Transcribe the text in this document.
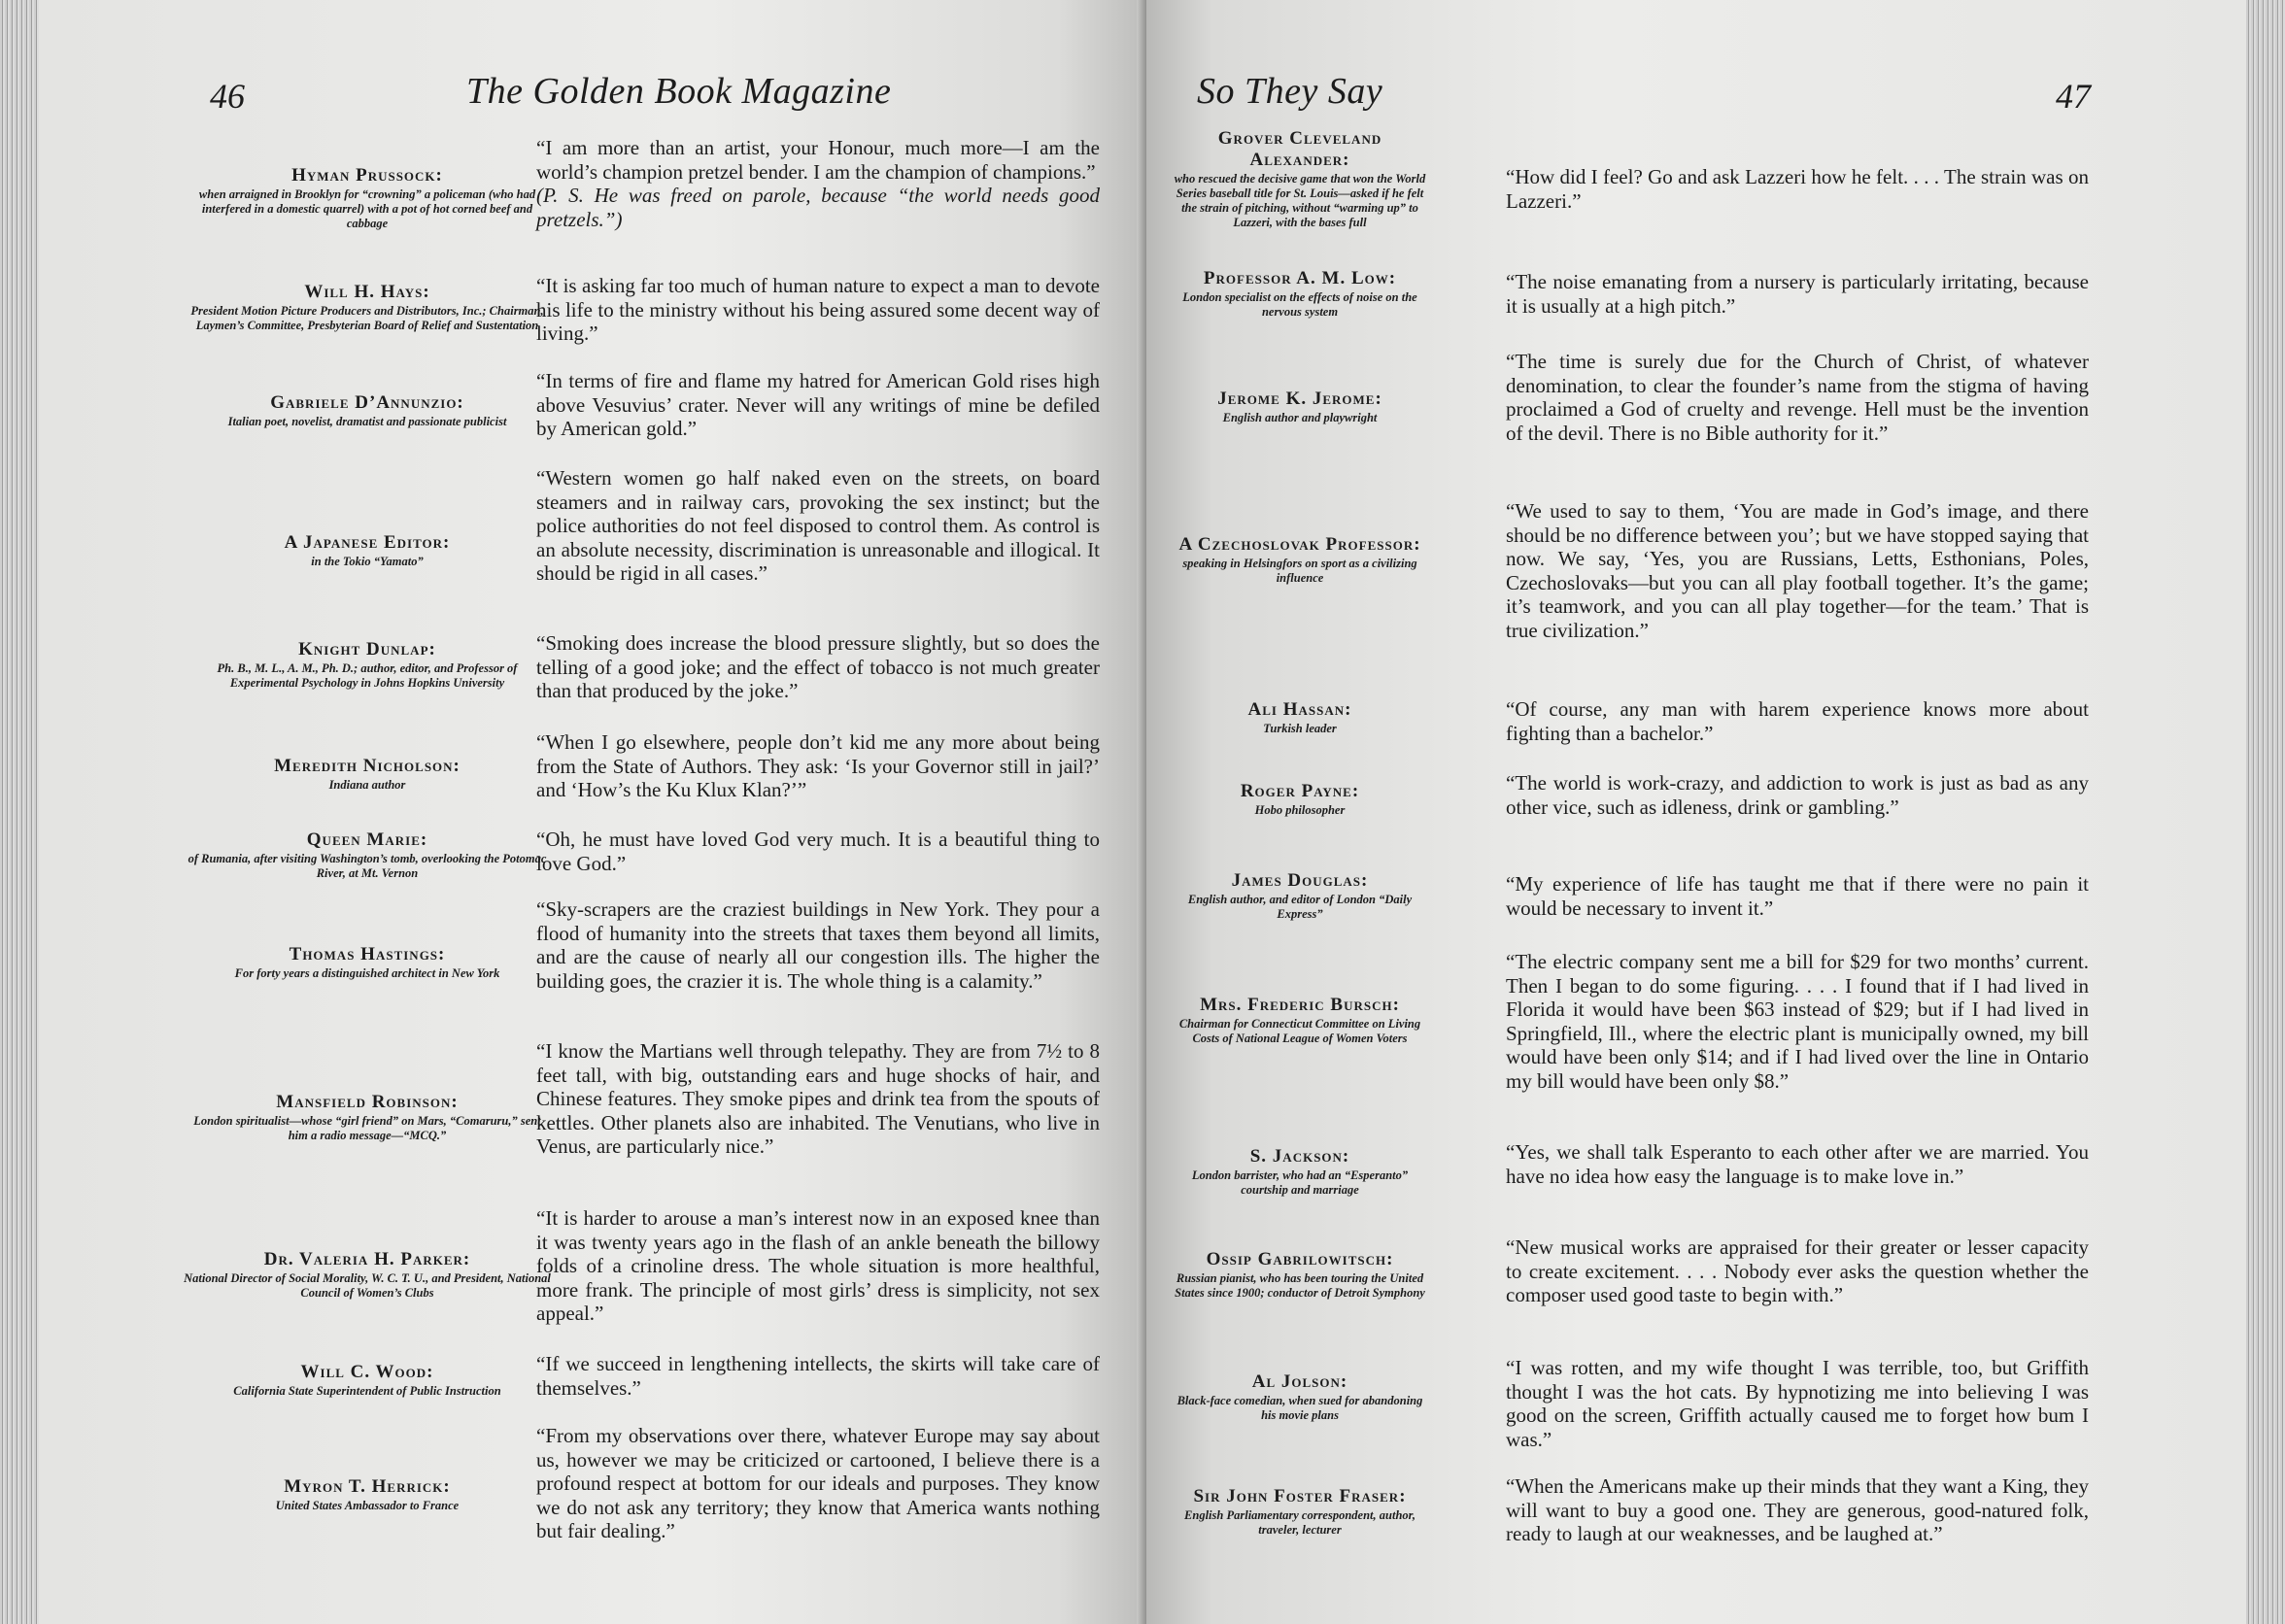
46	The Golden Book Magazine
Hyman Prussock:
when arraigned in Brooklyn for “crowning” a policeman (who had interfered in a domestic quarrel) with a pot of hot corned beef and cabbage
“I am more than an artist, your Honour, much more—I am the world’s champion pretzel bender. I am the champion of champions.”
(P. S. He was freed on parole, because “the world needs good pretzels.”)
Will H. Hays:
President Motion Picture Producers and Distributors, Inc.; Chairman, Laymen’s Committee, Presbyterian Board of Relief and Sustentation
“It is asking far too much of human nature to expect a man to devote his life to the ministry without his being assured some decent way of living.”
Gabriele D’Annunzio:
Italian poet, novelist, dramatist and passionate publicist
“In terms of fire and flame my hatred for American Gold rises high above Vesuvius’ crater. Never will any writings of mine be defiled by American gold.”
A Japanese Editor:
in the Tokio “Yamato”
“Western women go half naked even on the streets, on board steamers and in railway cars, provoking the sex instinct; but the police authorities do not feel disposed to control them. As control is an absolute necessity, discrimination is unreasonable and illogical. It should be rigid in all cases.”
Knight Dunlap:
Ph. B., M. L., A. M., Ph. D.; author, editor, and Professor of Experimental Psychology in Johns Hopkins University
“Smoking does increase the blood pressure slightly, but so does the telling of a good joke; and the effect of tobacco is not much greater than that produced by the joke.”
Meredith Nicholson:
Indiana author
“When I go elsewhere, people don’t kid me any more about being from the State of Authors. They ask: ‘Is your Governor still in jail?’ and ‘How’s the Ku Klux Klan?’”
Queen Marie:
of Rumania, after visiting Washington’s tomb, overlooking the Potomac River, at Mt. Vernon
“Oh, he must have loved God very much. It is a beautiful thing to love God.”
Thomas Hastings:
For forty years a distinguished architect in New York
“Sky-scrapers are the craziest buildings in New York. They pour a flood of humanity into the streets that taxes them beyond all limits, and are the cause of nearly all our congestion ills. The higher the building goes, the crazier it is. The whole thing is a calamity.”
Mansfield Robinson:
London spiritualist—whose “girl friend” on Mars, “Comaruru,” sent him a radio message—“MCQ.”
“I know the Martians well through telepathy. They are from 7½ to 8 feet tall, with big, outstanding ears and huge shocks of hair, and Chinese features. They smoke pipes and drink tea from the spouts of kettles. Other planets also are inhabited. The Venutians, who live in Venus, are particularly nice.”
Dr. Valeria H. Parker:
National Director of Social Morality, W. C. T. U., and President, National Council of Women’s Clubs
“It is harder to arouse a man’s interest now in an exposed knee than it was twenty years ago in the flash of an ankle beneath the billowy folds of a crinoline dress. The whole situation is more healthful, more frank. The principle of most girls’ dress is simplicity, not sex appeal.”
Will C. Wood:
California State Superintendent of Public Instruction
“If we succeed in lengthening intellects, the skirts will take care of themselves.”
Myron T. Herrick:
United States Ambassador to France
“From my observations over there, whatever Europe may say about us, however we may be criticized or cartooned, I believe there is a profound respect at bottom for our ideals and purposes. They know we do not ask any territory; they know that America wants nothing but fair dealing.”
So They Say	47
Grover Cleveland Alexander:
who rescued the decisive game that won the World Series baseball title for St. Louis—asked if he felt the strain of pitching, without “warming up” to Lazzeri, with the bases full
“How did I feel? Go and ask Lazzeri how he felt. . . . The strain was on Lazzeri.”
Professor A. M. Low:
London specialist on the effects of noise on the nervous system
“The noise emanating from a nursery is particularly irritating, because it is usually at a high pitch.”
Jerome K. Jerome:
English author and playwright
“The time is surely due for the Church of Christ, of whatever denomination, to clear the founder’s name from the stigma of having proclaimed a God of cruelty and revenge. Hell must be the invention of the devil. There is no Bible authority for it.”
A Czechoslovak Professor:
speaking in Helsingfors on sport as a civilizing influence
“We used to say to them, ‘You are made in God’s image, and there should be no difference between you’; but we have stopped saying that now. We say, ‘Yes, you are Russians, Letts, Esthonians, Poles, Czechoslovaks—but you can all play football together. It’s the game; it’s teamwork, and you can all play together—for the team.’ That is true civilization.”
Ali Hassan:
Turkish leader
“Of course, any man with harem experience knows more about fighting than a bachelor.”
Roger Payne:
Hobo philosopher
“The world is work-crazy, and addiction to work is just as bad as any other vice, such as idleness, drink or gambling.”
James Douglas:
English author, and editor of London “Daily Express”
“My experience of life has taught me that if there were no pain it would be necessary to invent it.”
Mrs. Frederic Bursch:
Chairman for Connecticut Committee on Living Costs of National League of Women Voters
“The electric company sent me a bill for $29 for two months’ current. Then I began to do some figuring. . . . I found that if I had lived in Florida it would have been $63 instead of $29; but if I had lived in Springfield, Ill., where the electric plant is municipally owned, my bill would have been only $14; and if I had lived over the line in Ontario my bill would have been only $8.”
S. Jackson:
London barrister, who had an “Esperanto” courtship and marriage
“Yes, we shall talk Esperanto to each other after we are married. You have no idea how easy the language is to make love in.”
Ossip Gabrilowitsch:
Russian pianist, who has been touring the United States since 1900; conductor of Detroit Symphony
“New musical works are appraised for their greater or lesser capacity to create excitement. . . . Nobody ever asks the question whether the composer used good taste to begin with.”
Al Jolson:
Black-face comedian, when sued for abandoning his movie plans
“I was rotten, and my wife thought I was terrible, too, but Griffith thought I was the hot cats. By hypnotizing me into believing I was good on the screen, Griffith actually caused me to forget how bum I was.”
Sir John Foster Fraser:
English Parliamentary correspondent, author, traveler, lecturer
“When the Americans make up their minds that they want a King, they will want to buy a good one. They are generous, good-natured folk, ready to laugh at our weaknesses, and be laughed at.”
